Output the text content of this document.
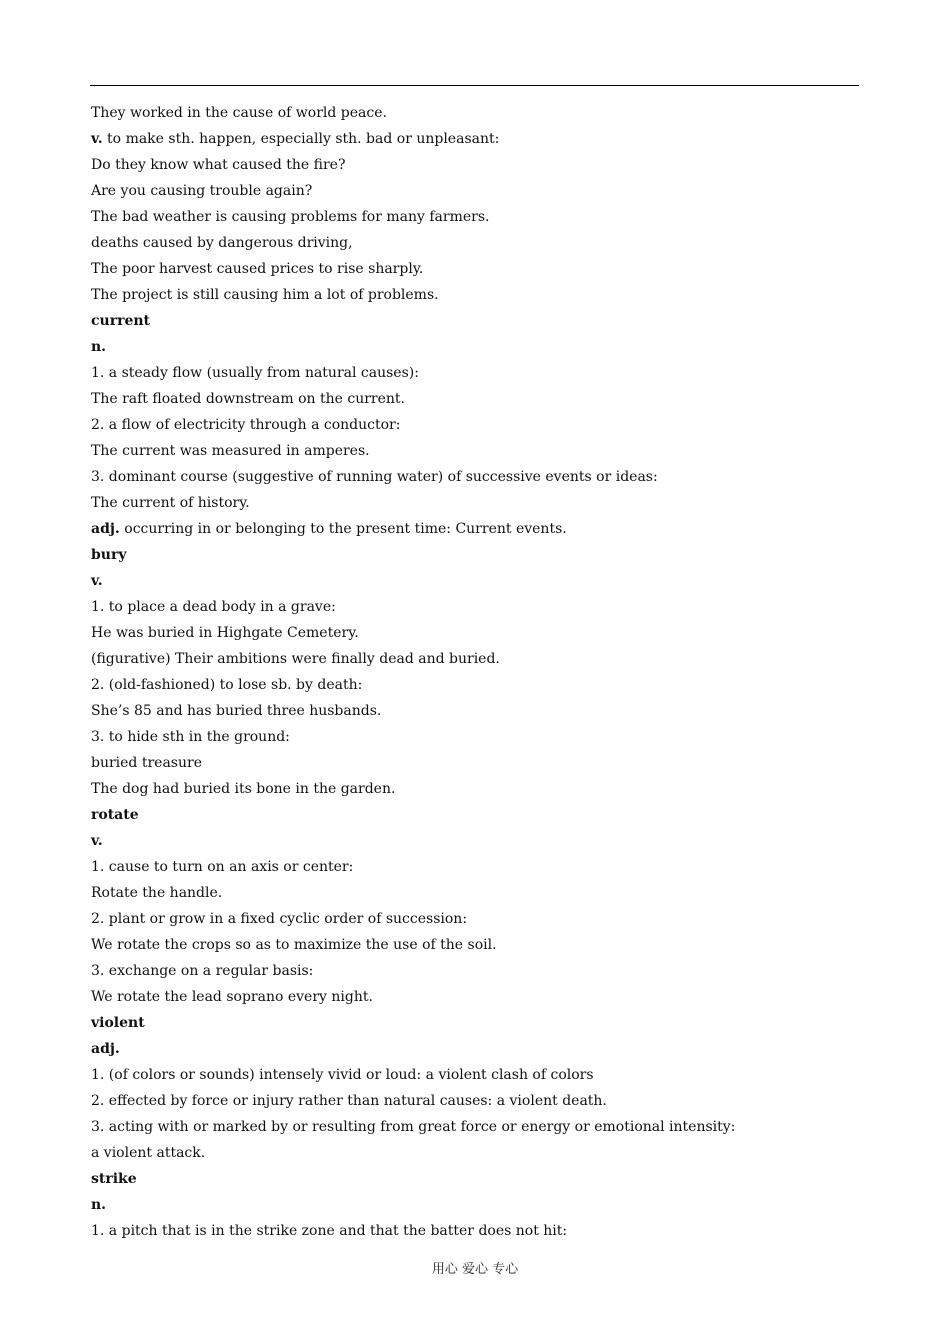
They worked in the cause of world peace.
v. to make sth. happen, especially sth. bad or unpleasant:
Do they know what caused the fire?
Are you causing trouble again?
The bad weather is causing problems for many farmers.
deaths caused by dangerous driving,
The poor harvest caused prices to rise sharply.
The project is still causing him a lot of problems.
current
n.
1. a steady flow (usually from natural causes):
The raft floated downstream on the current.
2. a flow of electricity through a conductor:
The current was measured in amperes.
3. dominant course (suggestive of running water) of successive events or ideas:
The current of history.
adj. occurring in or belonging to the present time: Current events.
bury
v.
1. to place a dead body in a grave:
He was buried in Highgate Cemetery.
(figurative) Their ambitions were finally dead and buried.
2. (old-fashioned) to lose sb. by death:
She’s 85 and has buried three husbands.
3. to hide sth in the ground:
buried treasure
The dog had buried its bone in the garden.
rotate
v.
1. cause to turn on an axis or center:
Rotate the handle.
2. plant or grow in a fixed cyclic order of succession:
We rotate the crops so as to maximize the use of the soil.
3. exchange on a regular basis:
We rotate the lead soprano every night.
violent
adj.
1. (of colors or sounds) intensely vivid or loud: a violent clash of colors
2. effected by force or injury rather than natural causes: a violent death.
3. acting with or marked by or resulting from great force or energy or emotional intensity:
a violent attack.
strike
n.
1. a pitch that is in the strike zone and that the batter does not hit:
用心 爱心 专心
